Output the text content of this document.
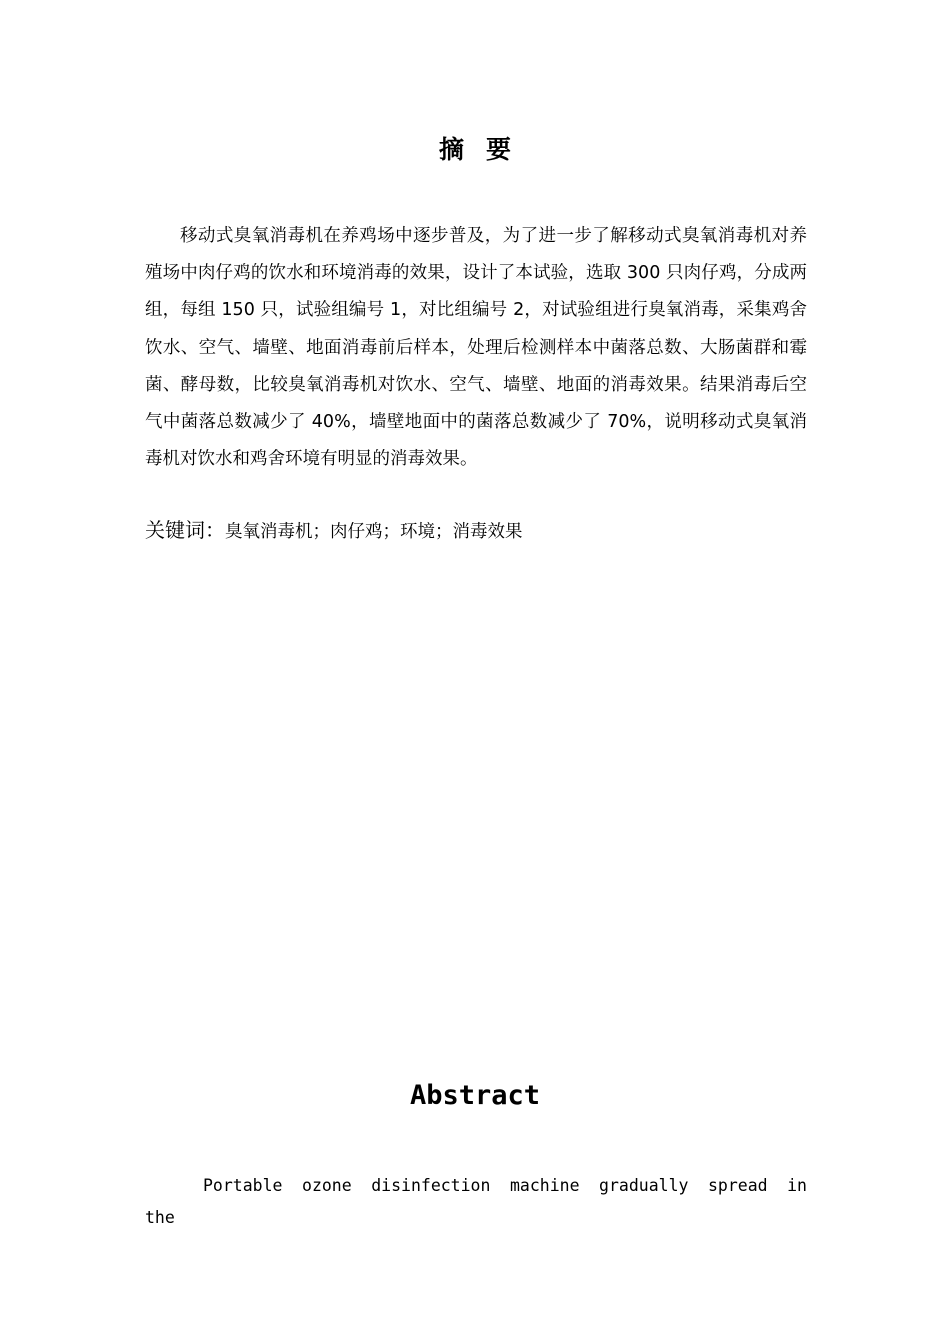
摘要

移动式臭氧消毒机在养鸡场中逐步普及，为了进一步了解移动式臭氧消毒机对养殖场中肉仔鸡的饮水和环境消毒的效果，设计了本试验，选取 300 只肉仔鸡，分成两组，每组 150 只，试验组编号 1，对比组编号 2，对试验组进行臭氧消毒，采集鸡舍饮水、空气、墙壁、地面消毒前后样本，处理后检测样本中菌落总数、大肠菌群和霉菌、酵母数，比较臭氧消毒机对饮水、空气、墙壁、地面的消毒效果。结果消毒后空气中菌落总数减少了 40%，墙壁地面中的菌落总数减少了 70%，说明移动式臭氧消毒机对饮水和鸡舍环境有明显的消毒效果。

关键词：臭氧消毒机；肉仔鸡；环境；消毒效果

Abstract

Portable ozone disinfection machine gradually spread in the
